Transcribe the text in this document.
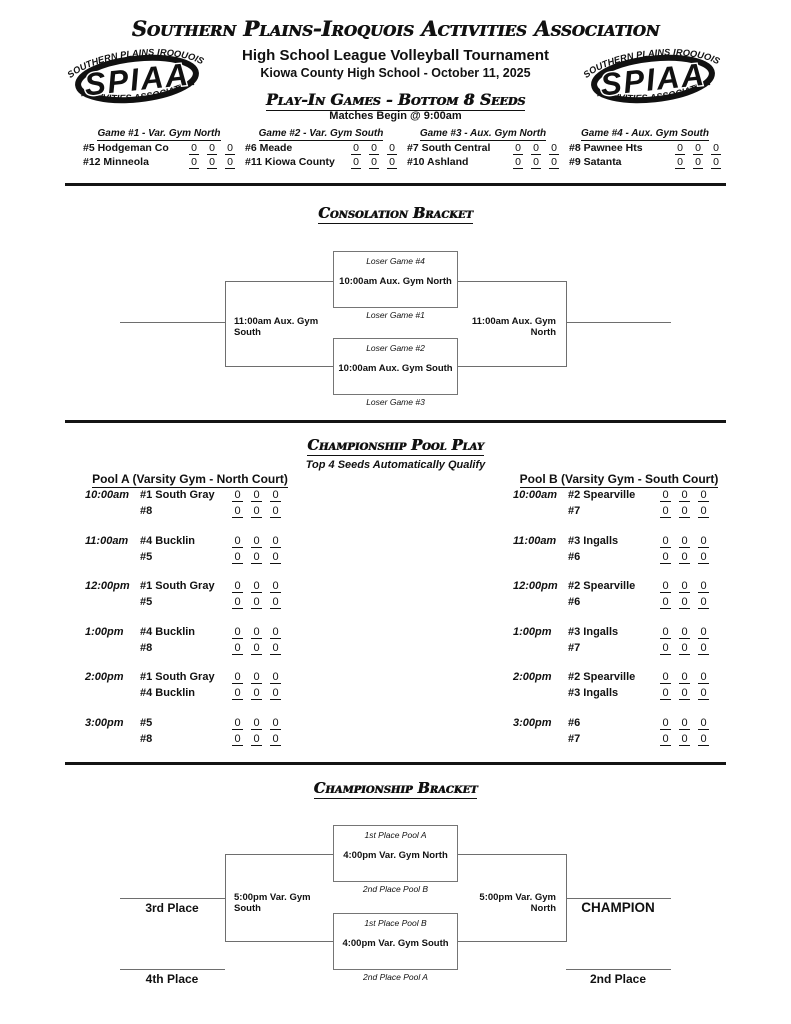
Southern Plains-Iroquois Activities Association
High School League Volleyball Tournament
Kiowa County High School - October 11, 2025
Play-In Games - Bottom 8 Seeds
Matches Begin @ 9:00am
Game #1 - Var. Gym North
#5 Hodgeman Co	0 0 0
#12 Minneola	0 0 0
Game #2 - Var. Gym South
#6 Meade	0 0 0
#11 Kiowa County	0 0 0
Game #3 - Aux. Gym North
#7 South Central	0 0 0
#10 Ashland	0 0 0
Game #4 - Aux. Gym South
#8 Pawnee Hts	0 0 0
#9 Satanta	0 0 0
Consolation Bracket
Loser Game #4
10:00am Aux. Gym North
Loser Game #1
Loser Game #2
10:00am Aux. Gym South
Loser Game #3
11:00am Aux. Gym South
11:00am Aux. Gym North
Championship Pool Play
Top 4 Seeds Automatically Qualify
Pool A (Varsity Gym - North Court)	Pool B (Varsity Gym - South Court)
10:00am #1 South Gray	0 0 0
#8	0 0 0
11:00am	#4 Bucklin	0 0 0
#5	0 0 0
12:00pm #1 South Gray	0 0 0
#5	0 0 0
1:00pm	#4 Bucklin	0 0 0
#8	0 0 0
2:00pm	#1 South Gray	0 0 0
#4 Bucklin	0 0 0
3:00pm	#5	0 0 0
#8	0 0 0
10:00am #2 Spearville	0 0 0
#7	0 0 0
11:00am	#3 Ingalls	0 0 0
#6	0 0 0
12:00pm #2 Spearville	0 0 0
#6	0 0 0
1:00pm	#3 Ingalls	0 0 0
#7	0 0 0
2:00pm	#2 Spearville	0 0 0
#3 Ingalls	0 0 0
3:00pm	#6	0 0 0
#7	0 0 0
Championship Bracket
1st Place Pool A
4:00pm Var. Gym North
2nd Place Pool B
1st Place Pool B
4:00pm Var. Gym South
2nd Place Pool A
5:00pm Var. Gym South
3rd Place
4th Place
5:00pm Var. Gym North	CHAMPION
2nd Place
